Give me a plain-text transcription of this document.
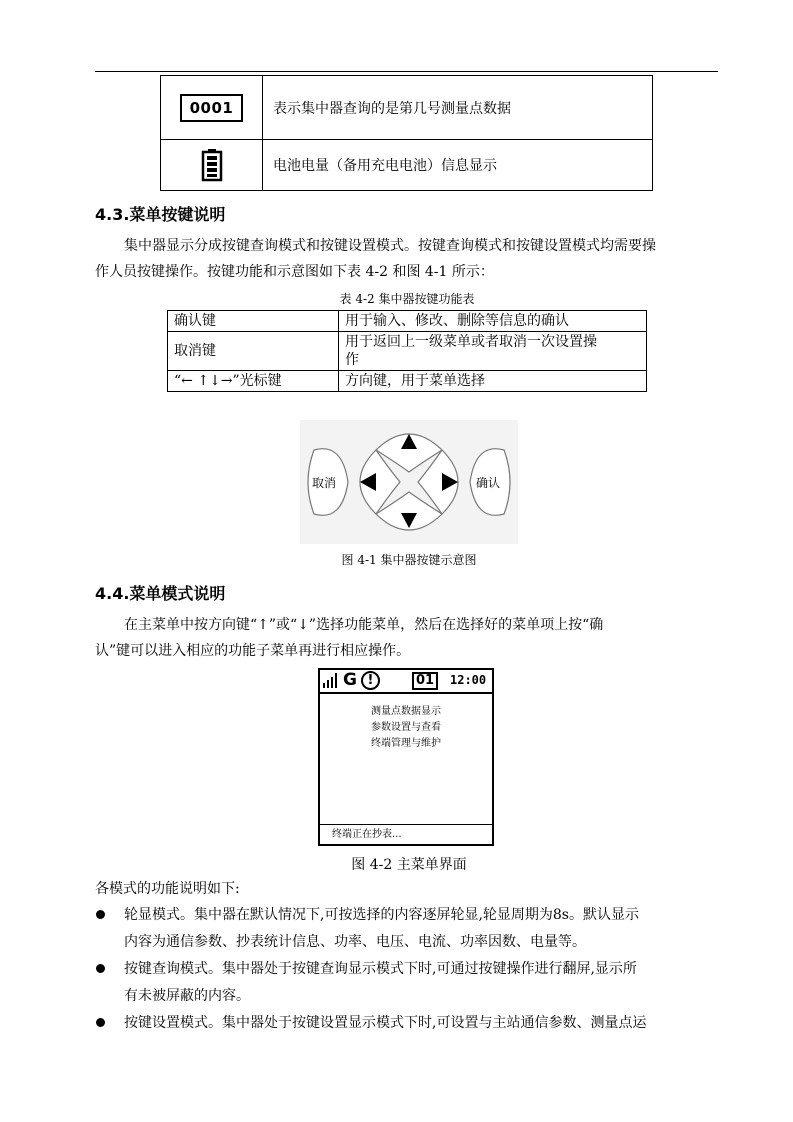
0001	表示集中器查询的是第几号测量点数据
	电池电量（备用充电电池）信息显示
4.3.菜单按键说明
集中器显示分成按键查询模式和按键设置模式。按键查询模式和按键设置模式均需要操
作人员按键操作。按键功能和示意图如下表 4-2 和图 4-1 所示：
表 4-2 集中器按键功能表
确认键	用于输入、修改、删除等信息的确认
取消键	用于返回上一级菜单或者取消一次设置操
作

“← ↑↓→”光标键	方向键，用于菜单选择
取消	确认
图 4-1 集中器按键示意图
4.4.菜单模式说明
在主菜单中按方向键“↑”或“↓”选择功能菜单，然后在选择好的菜单项上按“确
认”键可以进入相应的功能子菜单再进行相应操作。
G !	01	12:00
测量点数据显示
参数设置与查看
终端管理与维护
终端正在抄表...
图 4-2 主菜单界面
各模式的功能说明如下:
轮显模式。集中器在默认情况下,可按选择的内容逐屏轮显,轮显周期为8s。默认显示
内容为通信参数、抄表统计信息、功率、电压、电流、功率因数、电量等。
按键查询模式。集中器处于按键查询显示模式下时,可通过按键操作进行翻屏,显示所
有未被屏蔽的内容。
按键设置模式。集中器处于按键设置显示模式下时,可设置与主站通信参数、测量点运
